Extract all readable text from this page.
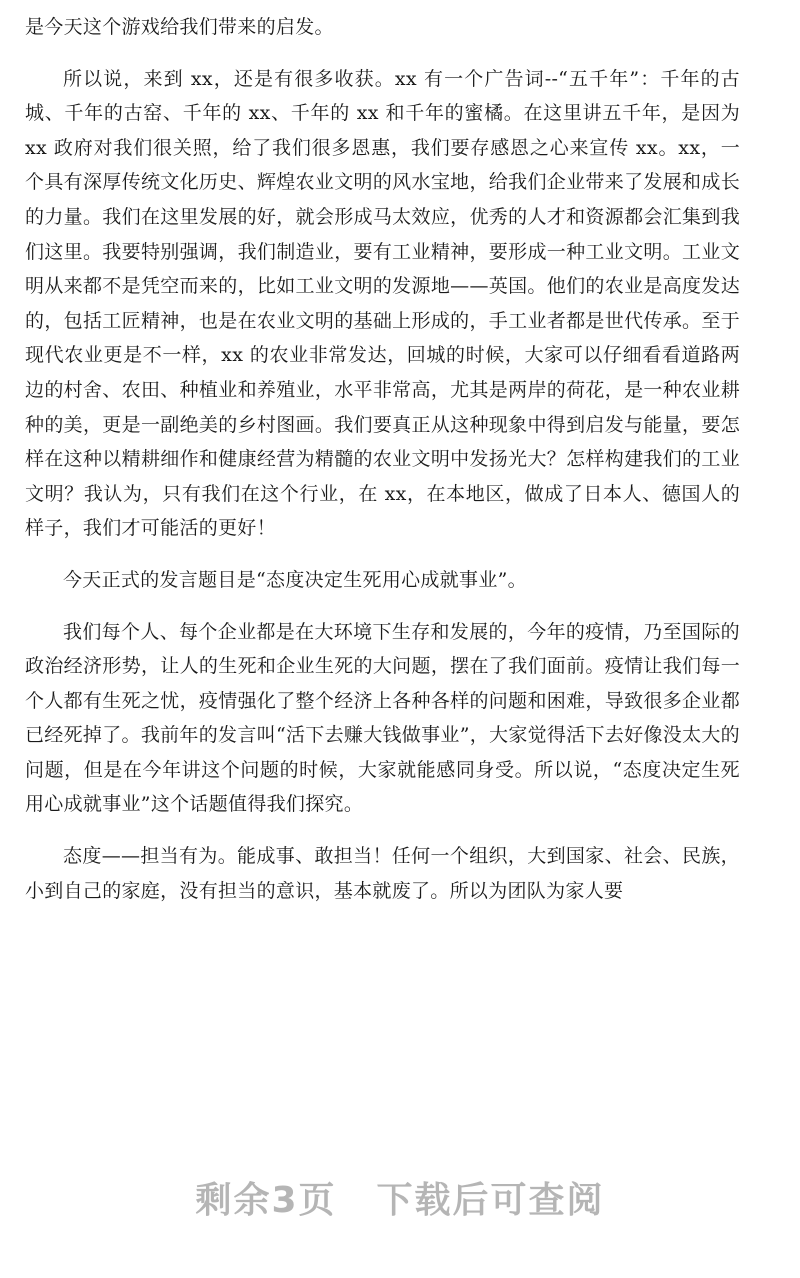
是今天这个游戏给我们带来的启发。

所以说，来到 xx，还是有很多收获。xx 有一个广告词--“五千年”：千年的古城、千年的古窑、千年的 xx、千年的 xx 和千年的蜜橘。在这里讲五千年，是因为 xx 政府对我们很关照，给了我们很多恩惠，我们要存感恩之心来宣传 xx。xx，一个具有深厚传统文化历史、辉煌农业文明的风水宝地，给我们企业带来了发展和成长的力量。我们在这里发展的好，就会形成马太效应，优秀的人才和资源都会汇集到我们这里。我要特别强调，我们制造业，要有工业精神，要形成一种工业文明。工业文明从来都不是凭空而来的，比如工业文明的发源地——英国。他们的农业是高度发达的，包括工匠精神，也是在农业文明的基础上形成的，手工业者都是世代传承。至于现代农业更是不一样，xx 的农业非常发达，回城的时候，大家可以仔细看看道路两边的村舍、农田、种植业和养殖业，水平非常高，尤其是两岸的荷花，是一种农业耕种的美，更是一副绝美的乡村图画。我们要真正从这种现象中得到启发与能量，要怎样在这种以精耕细作和健康经营为精髓的农业文明中发扬光大？怎样构建我们的工业文明？我认为，只有我们在这个行业，在 xx，在本地区，做成了日本人、德国人的样子，我们才可能活的更好！

今天正式的发言题目是“态度决定生死用心成就事业”。

我们每个人、每个企业都是在大环境下生存和发展的，今年的疫情，乃至国际的政治经济形势，让人的生死和企业生死的大问题，摆在了我们面前。疫情让我们每一个人都有生死之忧，疫情强化了整个经济上各种各样的问题和困难，导致很多企业都已经死掉了。我前年的发言叫“活下去赚大钱做事业”，大家觉得活下去好像没太大的问题，但是在今年讲这个问题的时候，大家就能感同身受。所以说，“态度决定生死用心成就事业”这个话题值得我们探究。

态度——担当有为。能成事、敢担当！任何一个组织，大到国家、社会、民族，小到自己的家庭，没有担当的意识，基本就废了。所以为团队为家人要

剩余3页 下载后可查阅
